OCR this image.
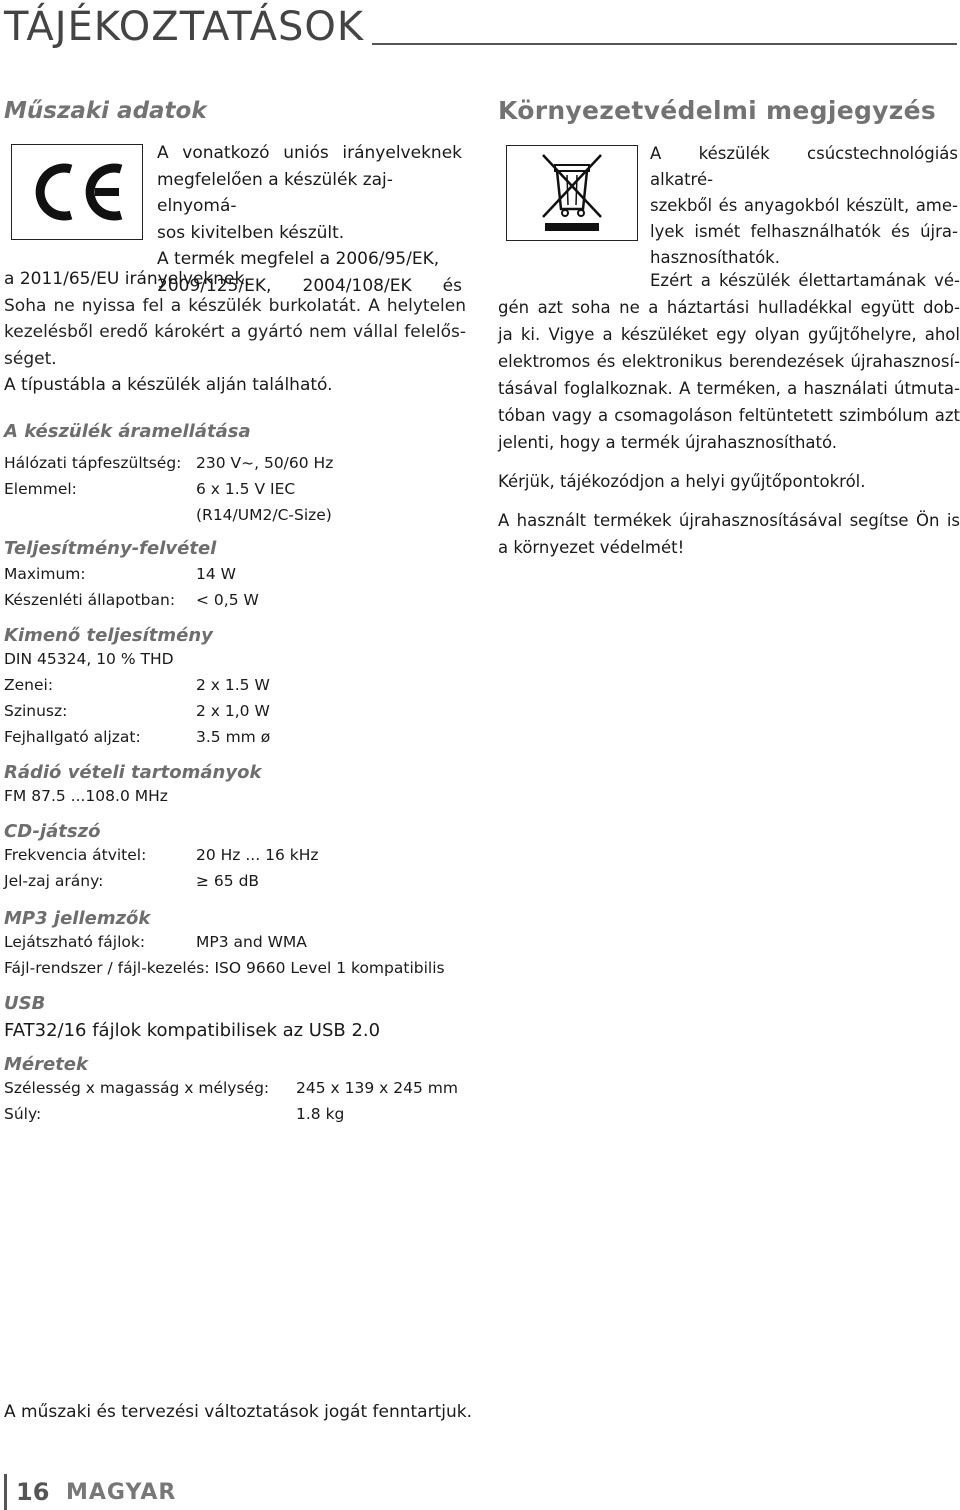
TÁJÉKOZTATÁSOK
Műszaki adatok
A vonatkozó uniós irányelveknek
megfelelően a készülék zaj-elnyomá-
sos kivitelben készült.
A termék megfelel a 2006/95/EK,
2009/125/EK, 2004/108/EK és
a 2011/65/EU irányelveknek.
Soha ne nyissa fel a készülék burkolatát. A helytelen
kezelésből eredő károkért a gyártó nem vállal felelős-
séget.
A típustábla a készülék alján található.
A készülék áramellátása
Hálózati tápfeszültség: 230 V~, 50/60 Hz
Elemmel:	6 x 1.5 V IEC
(R14/UM2/C-Size)
Teljesítmény-felvétel
Maximum:	14 W
Készenléti állapotban: < 0,5 W
Kimenő teljesítmény
DIN 45324, 10 % THD
Zenei:	2 x 1.5 W
Szinusz:	2 x 1,0 W
Fejhallgató aljzat:	3.5 mm ø
Rádió vételi tartományok
FM 87.5 ...108.0 MHz
CD-játszó
Frekvencia átvitel:	20 Hz ... 16 kHz
Jel-zaj arány:	≥ 65 dB
MP3 jellemzők
Lejátszható fájlok:	MP3 and WMA
Fájl-rendszer / fájl-kezelés: ISO 9660 Level 1 kompatibilis
USB
FAT32/16 fájlok kompatibilisek az USB 2.0
Méretek
Szélesség x magasság x mélység: 245 x 139 x 245 mm
Súly:	1.8 kg
Környezetvédelmi megjegyzés
A készülék csúcstechnológiás alkatré-
szekből és anyagokból készült, ame-
lyek ismét felhasználhatók és újra-
hasznosíthatók.
Ezért a készülék élettartamának vé-
gén azt soha ne a háztartási hulladékkal együtt dob-
ja ki. Vigye a készüléket egy olyan gyűjtőhelyre, ahol
elektromos és elektronikus berendezések újrahasznosí-
tásával foglalkoznak. A terméken, a használati útmuta-
tóban vagy a csomagoláson feltüntetett szimbólum azt
jelenti, hogy a termék újrahasznosítható.
Kérjük, tájékozódjon a helyi gyűjtőpontokról.
A használt termékek újrahasznosításával segítse Ön is
a környezet védelmét!
A műszaki és tervezési változtatások jogát fenntartjuk.
16 MAGYAR
